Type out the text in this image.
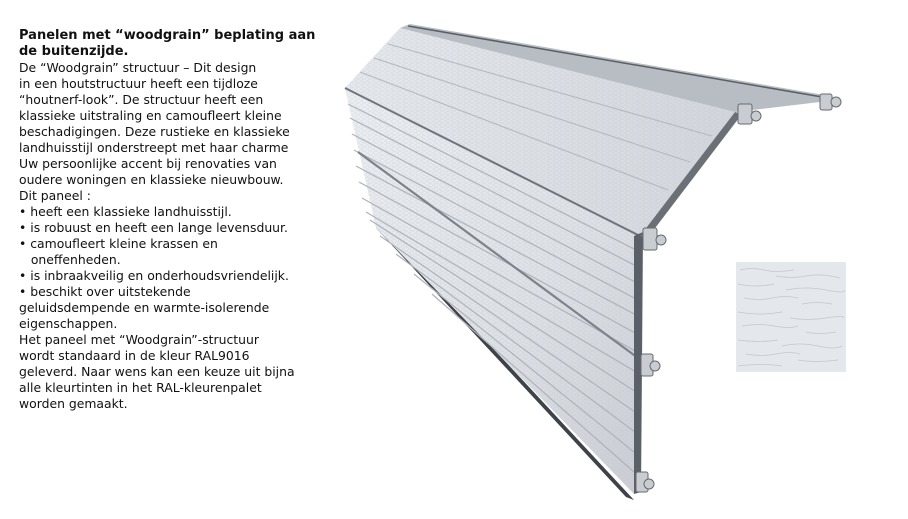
Panelen met “woodgrain” beplating aan
de buitenzijde.

De “Woodgrain” structuur – Dit design
in een houtstructuur heeft een tijdloze
“houtnerf-look”. De structuur heeft een
klassieke uitstraling en camoufleert kleine
beschadigingen. Deze rustieke en klassieke
landhuisstijl onderstreept met haar charme
Uw persoonlijke accent bij renovaties van
oudere woningen en klassieke nieuwbouw.

Dit paneel :

• heeft een klassieke landhuisstijl.
• is robuust en heeft een lange levensduur.
• camoufleert kleine krassen en
oneffenheden.
• is inbraakveilig en onderhoudsvriendelijk.
• beschikt over uitstekende
geluidsdempende en warmte-isolerende
eigenschappen.

Het paneel met “Woodgrain”-structuur
wordt standaard in de kleur RAL9016
geleverd. Naar wens kan een keuze uit bijna
alle kleurtinten in het RAL-kleurenpalet
worden gemaakt.
